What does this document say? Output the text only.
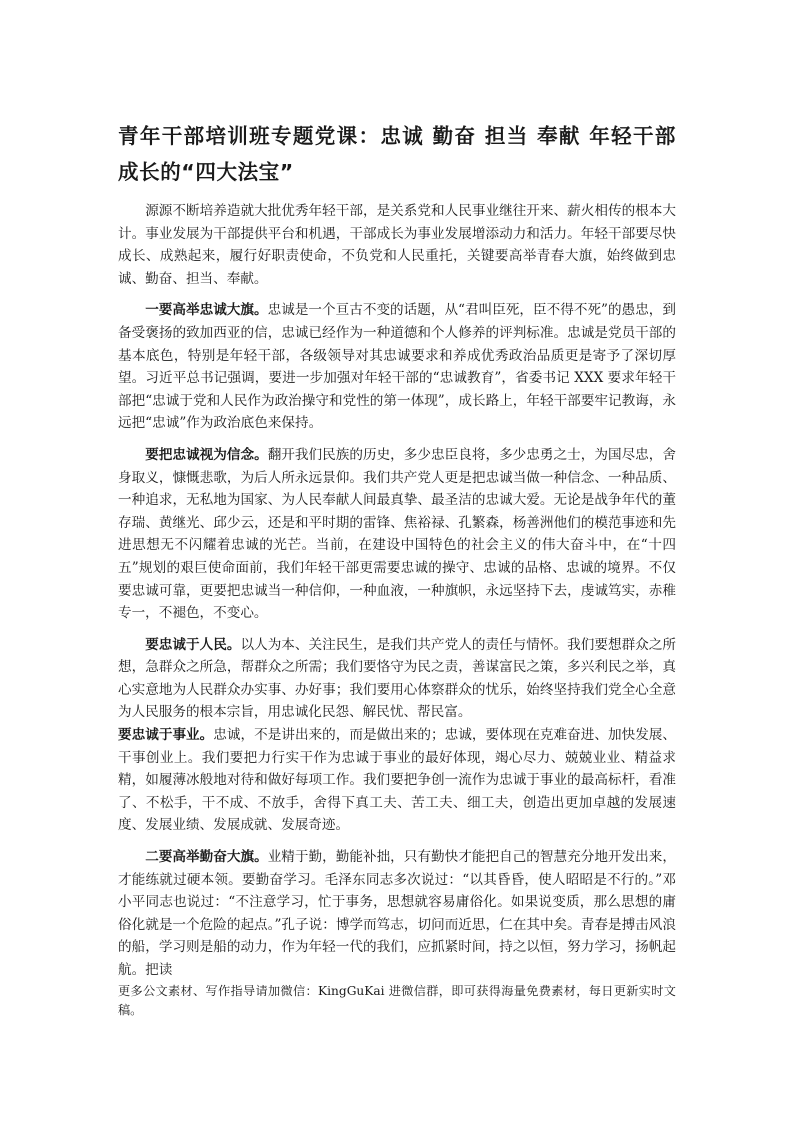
青年干部培训班专题党课：忠诚 勤奋 担当 奉献 年轻干部成长的“四大法宝”

源源不断培养造就大批优秀年轻干部，是关系党和人民事业继往开来、薪火相传的根本大计。事业发展为干部提供平台和机遇，干部成长为事业发展增添动力和活力。年轻干部要尽快成长、成熟起来，履行好职责使命，不负党和人民重托，关键要高举青春大旗，始终做到忠诚、勤奋、担当、奉献。

一要高举忠诚大旗。忠诚是一个亘古不变的话题，从“君叫臣死，臣不得不死”的愚忠，到备受褒扬的致加西亚的信，忠诚已经作为一种道德和个人修养的评判标准。忠诚是党员干部的基本底色，特别是年轻干部，各级领导对其忠诚要求和养成优秀政治品质更是寄予了深切厚望。习近平总书记强调，要进一步加强对年轻干部的“忠诚教育”，省委书记 XXX 要求年轻干部把“忠诚于党和人民作为政治操守和党性的第一体现”，成长路上，年轻干部要牢记教诲，永远把“忠诚”作为政治底色来保持。

要把忠诚视为信念。翻开我们民族的历史，多少忠臣良将，多少忠勇之士，为国尽忠，舍身取义，慷慨悲歌，为后人所永远景仰。我们共产党人更是把忠诚当做一种信念、一种品质、一种追求，无私地为国家、为人民奉献人间最真挚、最圣洁的忠诚大爱。无论是战争年代的董存瑞、黄继光、邱少云，还是和平时期的雷锋、焦裕禄、孔繁森，杨善洲他们的模范事迹和先进思想无不闪耀着忠诚的光芒。当前，在建设中国特色的社会主义的伟大奋斗中，在“十四五”规划的艰巨使命面前，我们年轻干部更需要忠诚的操守、忠诚的品格、忠诚的境界。不仅要忠诚可靠，更要把忠诚当一种信仰，一种血液，一种旗帜，永远坚持下去，虔诚笃实，赤稚专一，不褪色，不变心。

要忠诚于人民。以人为本、关注民生，是我们共产党人的责任与情怀。我们要想群众之所想，急群众之所急，帮群众之所需；我们要恪守为民之责，善谋富民之策，多兴利民之举，真心实意地为人民群众办实事、办好事；我们要用心体察群众的忧乐，始终坚持我们党全心全意为人民服务的根本宗旨，用忠诚化民怨、解民忧、帮民富。

要忠诚于事业。忠诚，不是讲出来的，而是做出来的；忠诚，要体现在克难奋进、加快发展、干事创业上。我们要把力行实干作为忠诚于事业的最好体现，竭心尽力、兢兢业业、精益求精，如履薄冰般地对待和做好每项工作。我们要把争创一流作为忠诚于事业的最高标杆，看准了、不松手，干不成、不放手，舍得下真工夫、苦工夫、细工夫，创造出更加卓越的发展速度、发展业绩、发展成就、发展奇迹。

二要高举勤奋大旗。业精于勤，勤能补拙，只有勤快才能把自己的智慧充分地开发出来，才能练就过硬本领。要勤奋学习。毛泽东同志多次说过：“以其昏昏，使人昭昭是不行的。”邓小平同志也说过：“不注意学习，忙于事务，思想就容易庸俗化。如果说变质，那么思想的庸俗化就是一个危险的起点。”孔子说：博学而笃志，切问而近思，仁在其中矣。青春是搏击风浪的船，学习则是船的动力，作为年轻一代的我们，应抓紧时间，持之以恒，努力学习，扬帆起航。把读

更多公文素材、写作指导请加微信：KingGuKai 进微信群，即可获得海量免费素材，每日更新实时文稿。
